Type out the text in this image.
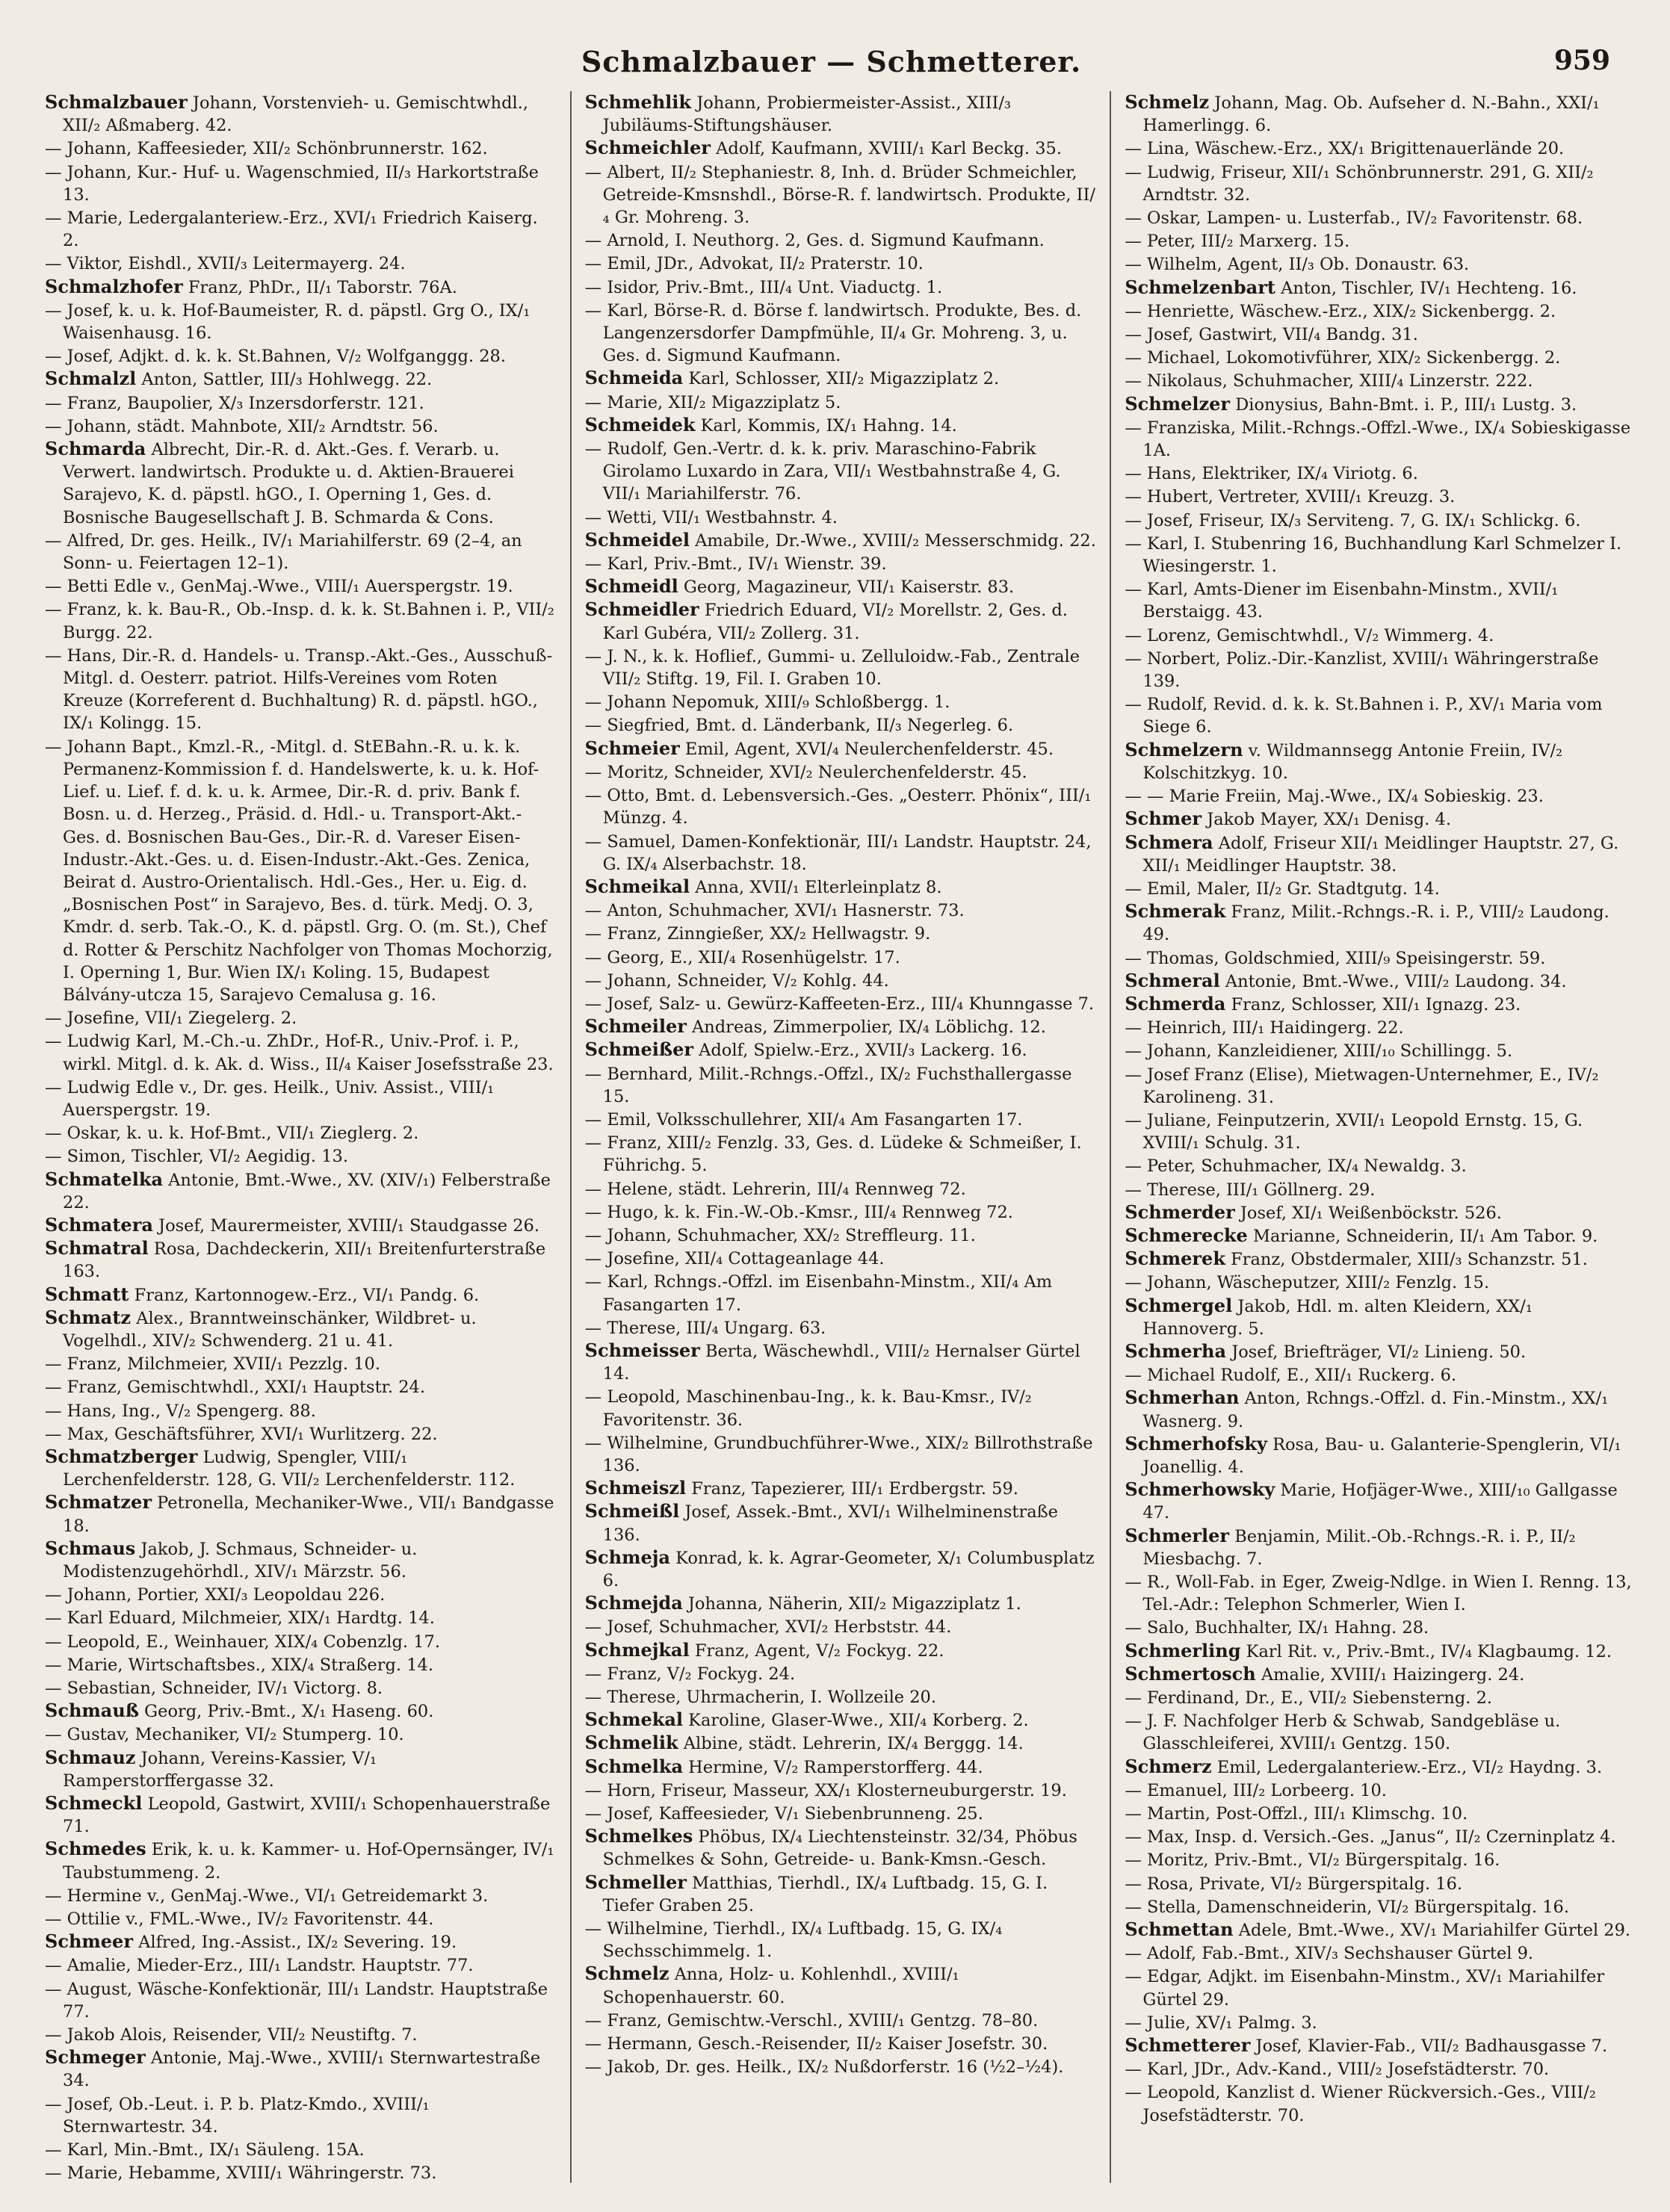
Schmalzbauer — Schmetterer.	959
Schmalzbauer Johann, Vorstenvieh- u. Gemischtwhdl., XII/₂ Aßmaberg. 42.
— Johann, Kaffeesieder, XII/₂ Schönbrunnerstr. 162.
— Johann, Kur.- Huf- u. Wagenschmied, II/₃ Harkortstraße 13.
— Marie, Ledergalanteriew.-Erz., XVI/₁ Friedrich Kaiserg. 2.
— Viktor, Eishdl., XVII/₃ Leitermayerg. 24.
Schmalzhofer Franz, PhDr., II/₁ Taborstr. 76A.
— Josef, k. u. k. Hof-Baumeister, R. d. päpstl. Grg O., IX/₁ Waisenhausg. 16.
— Josef, Adjkt. d. k. k. St.Bahnen, V/₂ Wolfganggg. 28.
Schmalzl Anton, Sattler, III/₃ Hohlwegg. 22.
— Franz, Baupolier, X/₃ Inzersdorferstr. 121.
— Johann, städt. Mahnbote, XII/₂ Arndtstr. 56.
Schmarda Albrecht, Dir.-R. d. Akt.-Ges. f. Verarb. u. Verwert. landwirtsch. Produkte u. d. Aktien-Brauerei Sarajevo, K. d. päpstl. hGO., I. Operning 1, Ges. d. Bosnische Baugesellschaft J. B. Schmarda & Cons.
— Alfred, Dr. ges. Heilk., IV/₁ Mariahilferstr. 69 (2–4, an Sonn- u. Feiertagen 12–1).
— Betti Edle v., GenMaj.-Wwe., VIII/₁ Auerspergstr. 19.
— Franz, k. k. Bau-R., Ob.-Insp. d. k. k. St.Bahnen i. P., VII/₂ Burgg. 22.
— Hans, Dir.-R. d. Handels- u. Transp.-Akt.-Ges., Ausschuß-Mitgl. d. Oesterr. patriot. Hilfs-Vereines vom Roten Kreuze (Korreferent d. Buchhaltung) R. d. päpstl. hGO., IX/₁ Kolingg. 15.
— Johann Bapt., Kmzl.-R., -Mitgl. d. StEBahn.-R. u. k. k. Permanenz-Kommission f. d. Handelswerte, k. u. k. Hof-Lief. u. Lief. f. d. k. u. k. Armee, Dir.-R. d. priv. Bank f. Bosn. u. d. Herzeg., Präsid. d. Hdl.- u. Transport-Akt.-Ges. d. Bosnischen Bau-Ges., Dir.-R. d. Vareser Eisen-Industr.-Akt.-Ges. u. d. Eisen-Industr.-Akt.-Ges. Zenica, Beirat d. Austro-Orientalisch. Hdl.-Ges., Her. u. Eig. d. „Bosnischen Post“ in Sarajevo, Bes. d. türk. Medj. O. 3, Kmdr. d. serb. Tak.-O., K. d. päpstl. Grg. O. (m. St.), Chef d. Rotter & Perschitz Nachfolger von Thomas Mochorzig, I. Operning 1, Bur. Wien IX/₁ Koling. 15, Budapest Bálvány-utcza 15, Sarajevo Cemalusa g. 16.
— Josefine, VII/₁ Ziegelerg. 2.
— Ludwig Karl, M.-Ch.-u. ZhDr., Hof-R., Univ.-Prof. i. P., wirkl. Mitgl. d. k. Ak. d. Wiss., II/₄ Kaiser Josefsstraße 23.
— Ludwig Edle v., Dr. ges. Heilk., Univ. Assist., VIII/₁ Auerspergstr. 19.
— Oskar, k. u. k. Hof-Bmt., VII/₁ Zieglerg. 2.
— Simon, Tischler, VI/₂ Aegidig. 13.
Schmatelka Antonie, Bmt.-Wwe., XV. (XIV/₁) Felberstraße 22.
Schmatera Josef, Maurermeister, XVIII/₁ Staudgasse 26.
Schmatral Rosa, Dachdeckerin, XII/₁ Breitenfurterstraße 163.
Schmatt Franz, Kartonnogew.-Erz., VI/₁ Pandg. 6.
Schmatz Alex., Branntweinschänker, Wildbret- u. Vogelhdl., XIV/₂ Schwenderg. 21 u. 41.
— Franz, Milchmeier, XVII/₁ Pezzlg. 10.
— Franz, Gemischtwhdl., XXI/₁ Hauptstr. 24.
— Hans, Ing., V/₂ Spengerg. 88.
— Max, Geschäftsführer, XVI/₁ Wurlitzerg. 22.
Schmatzberger Ludwig, Spengler, VIII/₁ Lerchenfelderstr. 128, G. VII/₂ Lerchenfelderstr. 112.
Schmatzer Petronella, Mechaniker-Wwe., VII/₁ Bandgasse 18.
Schmaus Jakob, J. Schmaus, Schneider- u. Modistenzugehörhdl., XIV/₁ Märzstr. 56.
— Johann, Portier, XXI/₃ Leopoldau 226.
— Karl Eduard, Milchmeier, XIX/₁ Hardtg. 14.
— Leopold, E., Weinhauer, XIX/₄ Cobenzlg. 17.
— Marie, Wirtschaftsbes., XIX/₄ Straßerg. 14.
— Sebastian, Schneider, IV/₁ Victorg. 8.
Schmauß Georg, Priv.-Bmt., X/₁ Haseng. 60.
— Gustav, Mechaniker, VI/₂ Stumperg. 10.
Schmauz Johann, Vereins-Kassier, V/₁ Ramperstorffergasse 32.
Schmeckl Leopold, Gastwirt, XVIII/₁ Schopenhauerstraße 71.
Schmedes Erik, k. u. k. Kammer- u. Hof-Opernsänger, IV/₁ Taubstummeng. 2.
— Hermine v., GenMaj.-Wwe., VI/₁ Getreidemarkt 3.
— Ottilie v., FML.-Wwe., IV/₂ Favoritenstr. 44.
Schmeer Alfred, Ing.-Assist., IX/₂ Severing. 19.
— Amalie, Mieder-Erz., III/₁ Landstr. Hauptstr. 77.
— August, Wäsche-Konfektionär, III/₁ Landstr. Hauptstraße 77.
— Jakob Alois, Reisender, VII/₂ Neustiftg. 7.
Schmeger Antonie, Maj.-Wwe., XVIII/₁ Sternwartestraße 34.
— Josef, Ob.-Leut. i. P. b. Platz-Kmdo., XVIII/₁ Sternwartestr. 34.
— Karl, Min.-Bmt., IX/₁ Säuleng. 15A.
— Marie, Hebamme, XVIII/₁ Währingerstr. 73.
Schmehlik Johann, Probiermeister-Assist., XIII/₃ Jubiläums-Stiftungshäuser.
Schmeichler Adolf, Kaufmann, XVIII/₁ Karl Beckg. 35.
— Albert, II/₂ Stephaniestr. 8, Inh. d. Brüder Schmeichler, Getreide-Kmsnshdl., Börse-R. f. landwirtsch. Produkte, II/₄ Gr. Mohreng. 3.
— Arnold, I. Neuthorg. 2, Ges. d. Sigmund Kaufmann.
— Emil, JDr., Advokat, II/₂ Praterstr. 10.
— Isidor, Priv.-Bmt., III/₄ Unt. Viaductg. 1.
— Karl, Börse-R. d. Börse f. landwirtsch. Produkte, Bes. d. Langenzersdorfer Dampfmühle, II/₄ Gr. Mohreng. 3, u. Ges. d. Sigmund Kaufmann.
Schmeida Karl, Schlosser, XII/₂ Migazziplatz 2.
— Marie, XII/₂ Migazziplatz 5.
Schmeidek Karl, Kommis, IX/₁ Hahng. 14.
— Rudolf, Gen.-Vertr. d. k. k. priv. Maraschino-Fabrik Girolamo Luxardo in Zara, VII/₁ Westbahnstraße 4, G. VII/₁ Mariahilferstr. 76.
— Wetti, VII/₁ Westbahnstr. 4.
Schmeidel Amabile, Dr.-Wwe., XVIII/₂ Messerschmidg. 22.
— Karl, Priv.-Bmt., IV/₁ Wienstr. 39.
Schmeidl Georg, Magazineur, VII/₁ Kaiserstr. 83.
Schmeidler Friedrich Eduard, VI/₂ Morellstr. 2, Ges. d. Karl Gubéra, VII/₂ Zollerg. 31.
— J. N., k. k. Hoflief., Gummi- u. Zelluloidw.-Fab., Zentrale VII/₂ Stiftg. 19, Fil. I. Graben 10.
— Johann Nepomuk, XIII/₉ Schloßbergg. 1.
— Siegfried, Bmt. d. Länderbank, II/₃ Negerleg. 6.
Schmeier Emil, Agent, XVI/₄ Neulerchenfelderstr. 45.
— Moritz, Schneider, XVI/₂ Neulerchenfelderstr. 45.
— Otto, Bmt. d. Lebensversich.-Ges. „Oesterr. Phönix“, III/₁ Münzg. 4.
— Samuel, Damen-Konfektionär, III/₁ Landstr. Hauptstr. 24, G. IX/₄ Alserbachstr. 18.
Schmeikal Anna, XVII/₁ Elterleinplatz 8.
— Anton, Schuhmacher, XVI/₁ Hasnerstr. 73.
— Franz, Zinngießer, XX/₂ Hellwagstr. 9.
— Georg, E., XII/₄ Rosenhügelstr. 17.
— Johann, Schneider, V/₂ Kohlg. 44.
— Josef, Salz- u. Gewürz-Kaffeeten-Erz., III/₄ Khunngasse 7.
Schmeiler Andreas, Zimmerpolier, IX/₄ Löblichg. 12.
Schmeißer Adolf, Spielw.-Erz., XVII/₃ Lackerg. 16.
— Bernhard, Milit.-Rchngs.-Offzl., IX/₂ Fuchsthallergasse 15.
— Emil, Volksschullehrer, XII/₄ Am Fasangarten 17.
— Franz, XIII/₂ Fenzlg. 33, Ges. d. Lüdeke & Schmeißer, I. Führichg. 5.
— Helene, städt. Lehrerin, III/₄ Rennweg 72.
— Hugo, k. k. Fin.-W.-Ob.-Kmsr., III/₄ Rennweg 72.
— Johann, Schuhmacher, XX/₂ Streffleurg. 11.
— Josefine, XII/₄ Cottageanlage 44.
— Karl, Rchngs.-Offzl. im Eisenbahn-Minstm., XII/₄ Am Fasangarten 17.
— Therese, III/₄ Ungarg. 63.
Schmeisser Berta, Wäschewhdl., VIII/₂ Hernalser Gürtel 14.
— Leopold, Maschinenbau-Ing., k. k. Bau-Kmsr., IV/₂ Favoritenstr. 36.
— Wilhelmine, Grundbuchführer-Wwe., XIX/₂ Billrothstraße 136.
Schmeiszl Franz, Tapezierer, III/₁ Erdbergstr. 59.
Schmeißl Josef, Assek.-Bmt., XVI/₁ Wilhelminenstraße 136.
Schmeja Konrad, k. k. Agrar-Geometer, X/₁ Columbusplatz 6.
Schmejda Johanna, Näherin, XII/₂ Migazziplatz 1.
— Josef, Schuhmacher, XVI/₂ Herbststr. 44.
Schmejkal Franz, Agent, V/₂ Fockyg. 22.
— Franz, V/₂ Fockyg. 24.
— Therese, Uhrmacherin, I. Wollzeile 20.
Schmekal Karoline, Glaser-Wwe., XII/₄ Korberg. 2.
Schmelik Albine, städt. Lehrerin, IX/₄ Berggg. 14.
Schmelka Hermine, V/₂ Ramperstorfferg. 44.
— Horn, Friseur, Masseur, XX/₁ Klosterneuburgerstr. 19.
— Josef, Kaffeesieder, V/₁ Siebenbrunneng. 25.
Schmelkes Phöbus, IX/₄ Liechtensteinstr. 32/34, Phöbus Schmelkes & Sohn, Getreide- u. Bank-Kmsn.-Gesch.
Schmeller Matthias, Tierhdl., IX/₄ Luftbadg. 15, G. I. Tiefer Graben 25.
— Wilhelmine, Tierhdl., IX/₄ Luftbadg. 15, G. IX/₄ Sechsschimmelg. 1.
Schmelz Anna, Holz- u. Kohlenhdl., XVIII/₁ Schopenhauerstr. 60.
— Franz, Gemischtw.-Verschl., XVIII/₁ Gentzg. 78–80.
— Hermann, Gesch.-Reisender, II/₂ Kaiser Josefstr. 30.
— Jakob, Dr. ges. Heilk., IX/₂ Nußdorferstr. 16 (½2–½4).
Schmelz Johann, Mag. Ob. Aufseher d. N.-Bahn., XXI/₁ Hamerlingg. 6.
— Lina, Wäschew.-Erz., XX/₁ Brigittenauerlände 20.
— Ludwig, Friseur, XII/₁ Schönbrunnerstr. 291, G. XII/₂ Arndtstr. 32.
— Oskar, Lampen- u. Lusterfab., IV/₂ Favoritenstr. 68.
— Peter, III/₂ Marxerg. 15.
— Wilhelm, Agent, II/₃ Ob. Donaustr. 63.
Schmelzenbart Anton, Tischler, IV/₁ Hechteng. 16.
— Henriette, Wäschew.-Erz., XIX/₂ Sickenbergg. 2.
— Josef, Gastwirt, VII/₄ Bandg. 31.
— Michael, Lokomotivführer, XIX/₂ Sickenbergg. 2.
— Nikolaus, Schuhmacher, XIII/₄ Linzerstr. 222.
Schmelzer Dionysius, Bahn-Bmt. i. P., III/₁ Lustg. 3.
— Franziska, Milit.-Rchngs.-Offzl.-Wwe., IX/₄ Sobieskigasse 1A.
— Hans, Elektriker, IX/₄ Viriotg. 6.
— Hubert, Vertreter, XVIII/₁ Kreuzg. 3.
— Josef, Friseur, IX/₃ Serviteng. 7, G. IX/₁ Schlickg. 6.
— Karl, I. Stubenring 16, Buchhandlung Karl Schmelzer I. Wiesingerstr. 1.
— Karl, Amts-Diener im Eisenbahn-Minstm., XVII/₁ Berstaigg. 43.
— Lorenz, Gemischtwhdl., V/₂ Wimmerg. 4.
— Norbert, Poliz.-Dir.-Kanzlist, XVIII/₁ Währingerstraße 139.
— Rudolf, Revid. d. k. k. St.Bahnen i. P., XV/₁ Maria vom Siege 6.
Schmelzern v. Wildmannsegg Antonie Freiin, IV/₂ Kolschitzkyg. 10.
— — Marie Freiin, Maj.-Wwe., IX/₄ Sobieskig. 23.
Schmer Jakob Mayer, XX/₁ Denisg. 4.
Schmera Adolf, Friseur XII/₁ Meidlinger Hauptstr. 27, G. XII/₁ Meidlinger Hauptstr. 38.
— Emil, Maler, II/₂ Gr. Stadtgutg. 14.
Schmerak Franz, Milit.-Rchngs.-R. i. P., VIII/₂ Laudong. 49.
— Thomas, Goldschmied, XIII/₉ Speisingerstr. 59.
Schmeral Antonie, Bmt.-Wwe., VIII/₂ Laudong. 34.
Schmerda Franz, Schlosser, XII/₁ Ignazg. 23.
— Heinrich, III/₁ Haidingerg. 22.
— Johann, Kanzleidiener, XIII/₁₀ Schillingg. 5.
— Josef Franz (Elise), Mietwagen-Unternehmer, E., IV/₂ Karolineng. 31.
— Juliane, Feinputzerin, XVII/₁ Leopold Ernstg. 15, G. XVIII/₁ Schulg. 31.
— Peter, Schuhmacher, IX/₄ Newaldg. 3.
— Therese, III/₁ Göllnerg. 29.
Schmerder Josef, XI/₁ Weißenböckstr. 526.
Schmerecke Marianne, Schneiderin, II/₁ Am Tabor. 9.
Schmerek Franz, Obstdermaler, XIII/₃ Schanzstr. 51.
— Johann, Wäscheputzer, XIII/₂ Fenzlg. 15.
Schmergel Jakob, Hdl. m. alten Kleidern, XX/₁ Hannoverg. 5.
Schmerha Josef, Briefträger, VI/₂ Linieng. 50.
— Michael Rudolf, E., XII/₁ Ruckerg. 6.
Schmerhan Anton, Rchngs.-Offzl. d. Fin.-Minstm., XX/₁ Wasnerg. 9.
Schmerhofsky Rosa, Bau- u. Galanterie-Spenglerin, VI/₁ Joanellig. 4.
Schmerhowsky Marie, Hofjäger-Wwe., XIII/₁₀ Gallgasse 47.
Schmerler Benjamin, Milit.-Ob.-Rchngs.-R. i. P., II/₂ Miesbachg. 7.
— R., Woll-Fab. in Eger, Zweig-Ndlge. in Wien I. Renng. 13, Tel.-Adr.: Telephon Schmerler, Wien I.
— Salo, Buchhalter, IX/₁ Hahng. 28.
Schmerling Karl Rit. v., Priv.-Bmt., IV/₄ Klagbaumg. 12.
Schmertosch Amalie, XVIII/₁ Haizingerg. 24.
— Ferdinand, Dr., E., VII/₂ Siebensterng. 2.
— J. F. Nachfolger Herb & Schwab, Sandgebläse u. Glasschleiferei, XVIII/₁ Gentzg. 150.
Schmerz Emil, Ledergalanteriew.-Erz., VI/₂ Haydng. 3.
— Emanuel, III/₂ Lorbeerg. 10.
— Martin, Post-Offzl., III/₁ Klimschg. 10.
— Max, Insp. d. Versich.-Ges. „Janus“, II/₂ Czerninplatz 4.
— Moritz, Priv.-Bmt., VI/₂ Bürgerspitalg. 16.
— Rosa, Private, VI/₂ Bürgerspitalg. 16.
— Stella, Damenschneiderin, VI/₂ Bürgerspitalg. 16.
Schmettan Adele, Bmt.-Wwe., XV/₁ Mariahilfer Gürtel 29.
— Adolf, Fab.-Bmt., XIV/₃ Sechshauser Gürtel 9.
— Edgar, Adjkt. im Eisenbahn-Minstm., XV/₁ Mariahilfer Gürtel 29.
— Julie, XV/₁ Palmg. 3.
Schmetterer Josef, Klavier-Fab., VII/₂ Badhausgasse 7.
— Karl, JDr., Adv.-Kand., VIII/₂ Josefstädterstr. 70.
— Leopold, Kanzlist d. Wiener Rückversich.-Ges., VIII/₂ Josefstädterstr. 70.
